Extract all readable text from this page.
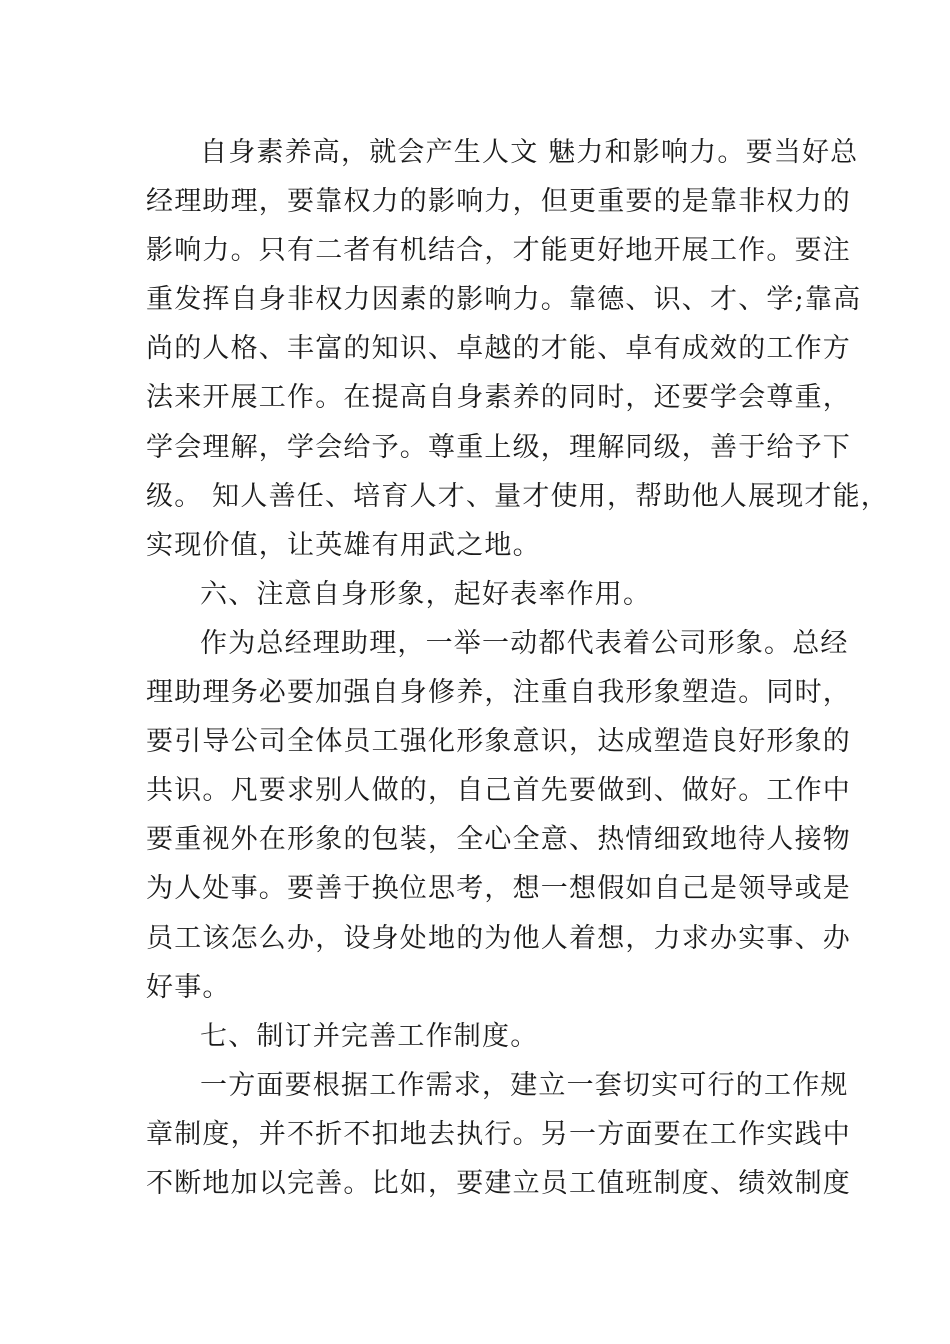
自身素养高，就会产生人文 魅力和影响力。要当好总
经理助理，要靠权力的影响力，但更重要的是靠非权力的
影响力。只有二者有机结合，才能更好地开展工作。要注
重发挥自身非权力因素的影响力。靠德、识、才、学;靠高
尚的人格、丰富的知识、卓越的才能、卓有成效的工作方
法来开展工作。在提高自身素养的同时，还要学会尊重，
学会理解，学会给予。尊重上级，理解同级，善于给予下
级。 知人善任、培育人才、量才使用，帮助他人展现才能，
实现价值，让英雄有用武之地。
六、注意自身形象，起好表率作用。
作为总经理助理，一举一动都代表着公司形象。总经
理助理务必要加强自身修养，注重自我形象塑造。同时，
要引导公司全体员工强化形象意识，达成塑造良好形象的
共识。凡要求别人做的，自己首先要做到、做好。工作中
要重视外在形象的包装，全心全意、热情细致地待人接物
为人处事。要善于换位思考，想一想假如自己是领导或是
员工该怎么办，设身处地的为他人着想，力求办实事、办
好事。
七、制订并完善工作制度。
一方面要根据工作需求，建立一套切实可行的工作规
章制度，并不折不扣地去执行。另一方面要在工作实践中
不断地加以完善。比如，要建立员工值班制度、绩效制度
